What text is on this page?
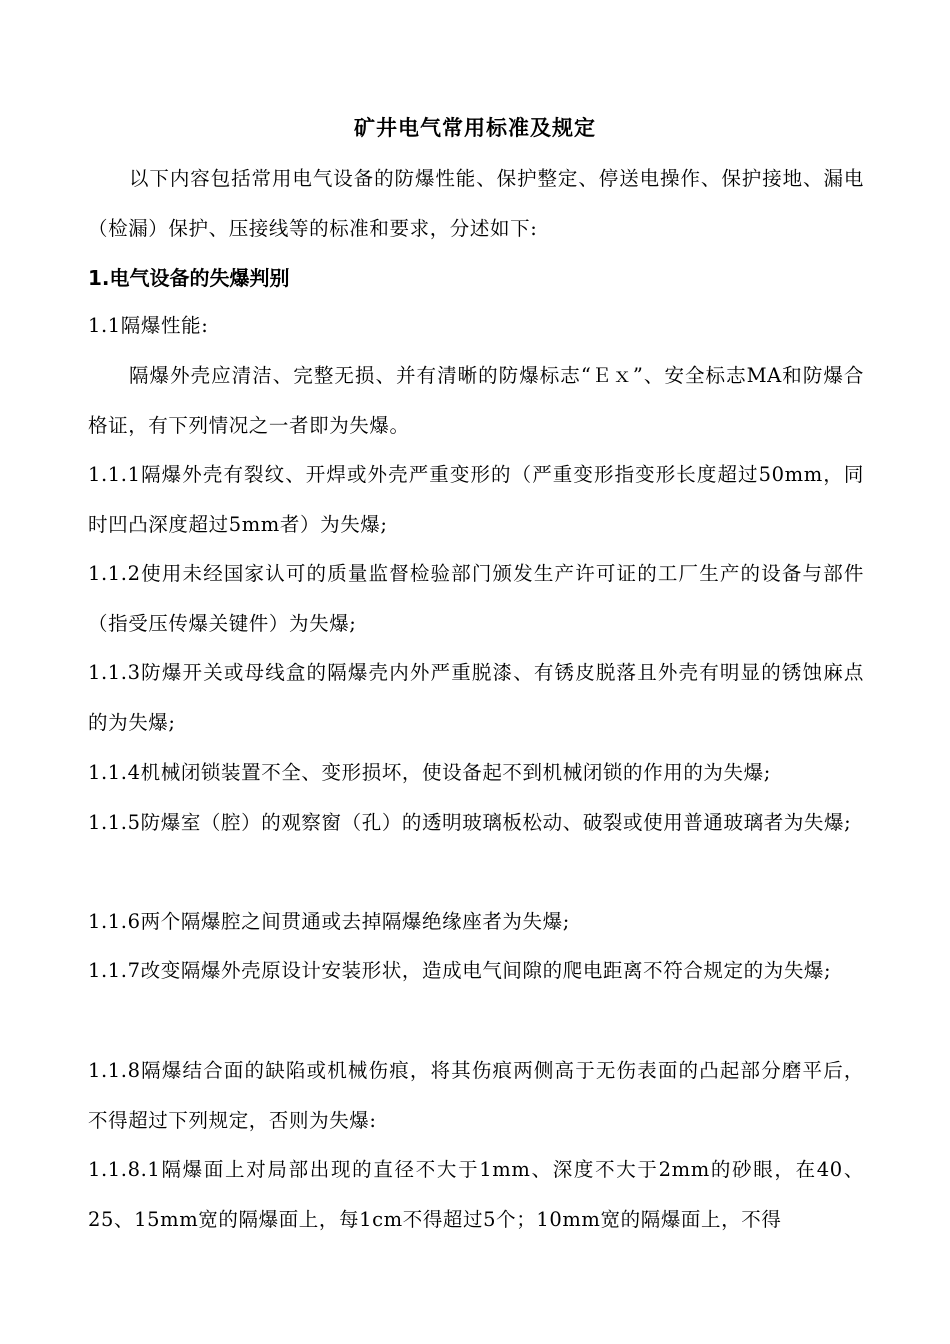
矿井电气常用标准及规定

以下内容包括常用电气设备的防爆性能、保护整定、停送电操作、保护接地、漏电（检漏）保护、压接线等的标准和要求，分述如下:

1.电气设备的失爆判别

1.1隔爆性能:

隔爆外壳应清洁、完整无损、并有清晰的防爆标志“Ｅｘ”、安全标志MA和防爆合格证，有下列情况之一者即为失爆。

1.1.1隔爆外壳有裂纹、开焊或外壳严重变形的（严重变形指变形长度超过50mm，同时凹凸深度超过5mm者）为失爆;

1.1.2使用未经国家认可的质量监督检验部门颁发生产许可证的工厂生产的设备与部件（指受压传爆关键件）为失爆;

1.1.3防爆开关或母线盒的隔爆壳内外严重脱漆、有锈皮脱落且外壳有明显的锈蚀麻点的为失爆;

1.1.4机械闭锁装置不全、变形损坏，使设备起不到机械闭锁的作用的为失爆;

1.1.5防爆室（腔）的观察窗（孔）的透明玻璃板松动、破裂或使用普通玻璃者为失爆;

1.1.6两个隔爆腔之间贯通或去掉隔爆绝缘座者为失爆;

1.1.7改变隔爆外壳原设计安装形状，造成电气间隙的爬电距离不符合规定的为失爆;

1.1.8隔爆结合面的缺陷或机械伤痕，将其伤痕两侧高于无伤表面的凸起部分磨平后，不得超过下列规定，否则为失爆:

1.1.8.1隔爆面上对局部出现的直径不大于1mm、深度不大于2mm的砂眼，在40、25、15mm宽的隔爆面上，每1cm不得超过5个；10mm宽的隔爆面上，不得
